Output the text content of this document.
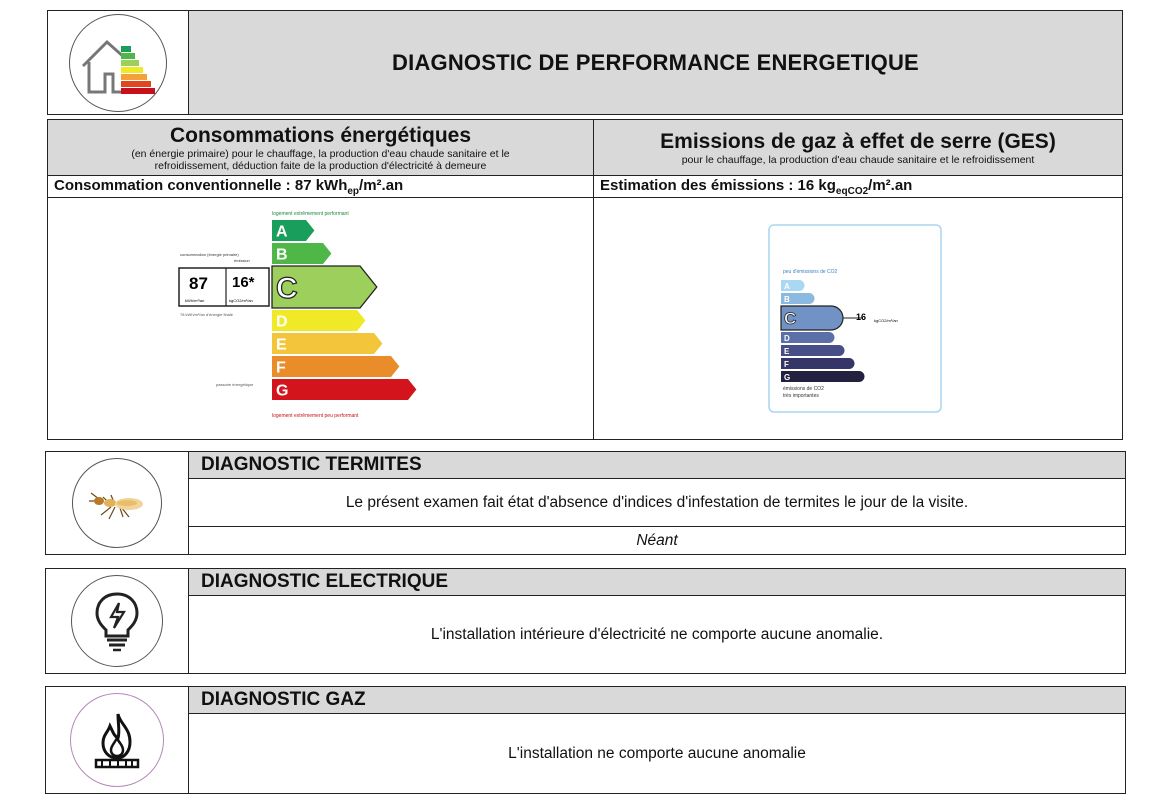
DIAGNOSTIC DE PERFORMANCE ENERGETIQUE
Consommations énergétiques
(en énergie primaire) pour le chauffage, la production d'eau chaude sanitaire et le refroidissement, déduction faite de la production d'électricité à demeure
Emissions de gaz à effet de serre (GES)
pour le chauffage, la production d'eau chaude sanitaire et le refroidissement
Consommation conventionnelle : 87 kWh$_{ep}$/m².an	Estimation des émissions : 16 $kg_{eqCO2}/m^2.an$
logement extrêmement performant
A
B
C
D
E
F
G
logement extrêmement peu performant
consommation (énergie primaire)
émission
87 16*
kWh/m²/an	kgCO2/m²/an
78 kWh/m²/an d'énergie finale
passoire énergétique
peu d'émissions de CO2
A
B
C
D
E
F
G
16 kgCO2/m²/an
émissions de CO2
très importantes
DIAGNOSTIC TERMITES
Le présent examen fait état d'absence d'indices d'infestation de termites le jour de la visite.
Néant
DIAGNOSTIC ELECTRIQUE
L'installation intérieure d'électricité ne comporte aucune anomalie.
DIAGNOSTIC GAZ
L'installation ne comporte aucune anomalie
